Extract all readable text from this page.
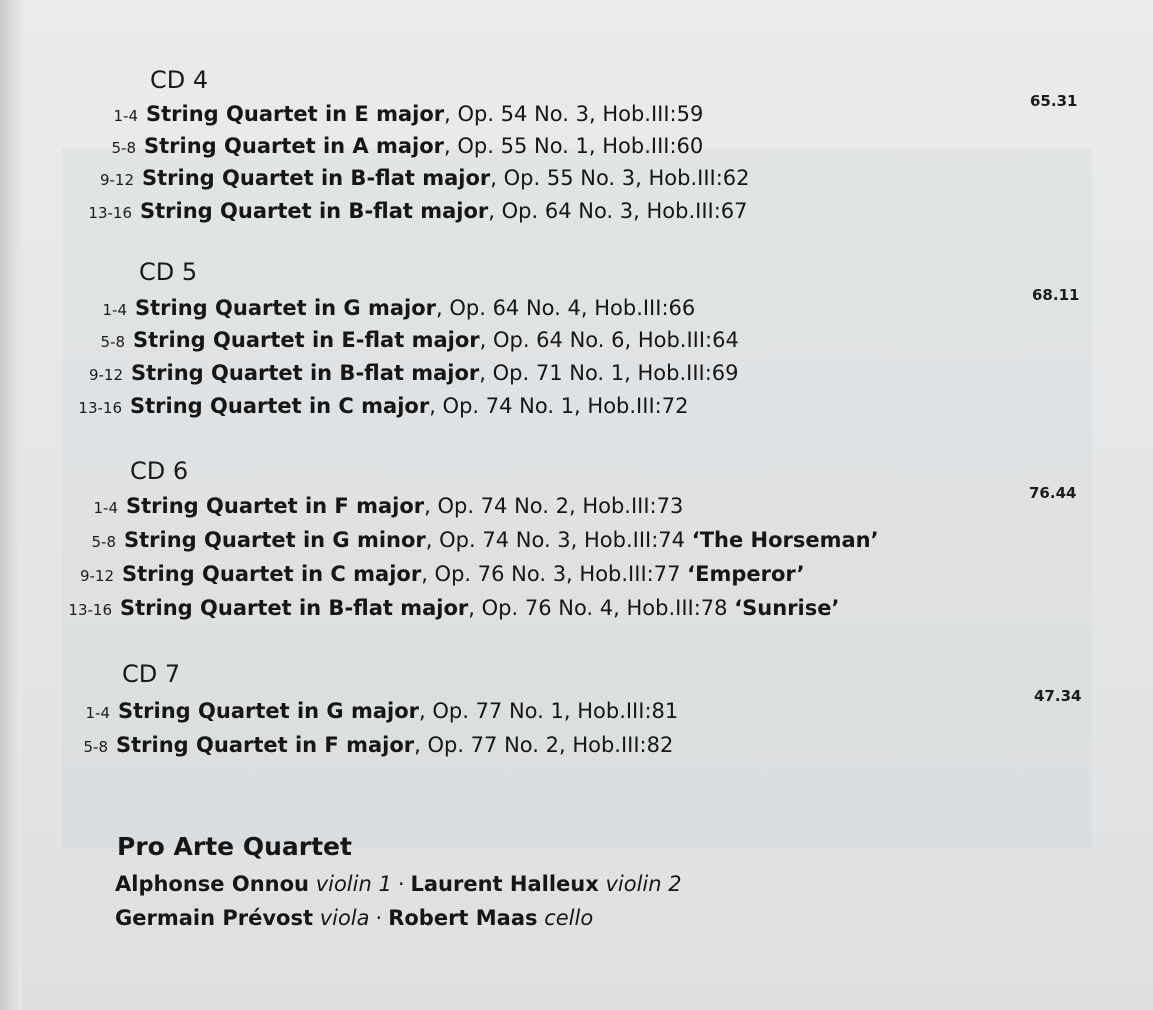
CD 4
65.31
1-4 String Quartet in E major, Op. 54 No. 3, Hob.III:59
5-8 String Quartet in A major, Op. 55 No. 1, Hob.III:60
9-12 String Quartet in B-flat major, Op. 55 No. 3, Hob.III:62
13-16 String Quartet in B-flat major, Op. 64 No. 3, Hob.III:67
CD 5
68.11
1-4 String Quartet in G major, Op. 64 No. 4, Hob.III:66
5-8 String Quartet in E-flat major, Op. 64 No. 6, Hob.III:64
9-12 String Quartet in B-flat major, Op. 71 No. 1, Hob.III:69
13-16 String Quartet in C major, Op. 74 No. 1, Hob.III:72
CD 6
76.44
1-4 String Quartet in F major, Op. 74 No. 2, Hob.III:73
5-8 String Quartet in G minor, Op. 74 No. 3, Hob.III:74 ‘The Horseman’
9-12 String Quartet in C major, Op. 76 No. 3, Hob.III:77 ‘Emperor’
13-16 String Quartet in B-flat major, Op. 76 No. 4, Hob.III:78 ‘Sunrise’
CD 7
47.34
1-4 String Quartet in G major, Op. 77 No. 1, Hob.III:81
5-8 String Quartet in F major, Op. 77 No. 2, Hob.III:82
Pro Arte Quartet
Alphonse Onnou violin 1 · Laurent Halleux violin 2
Germain Prévost viola · Robert Maas cello
